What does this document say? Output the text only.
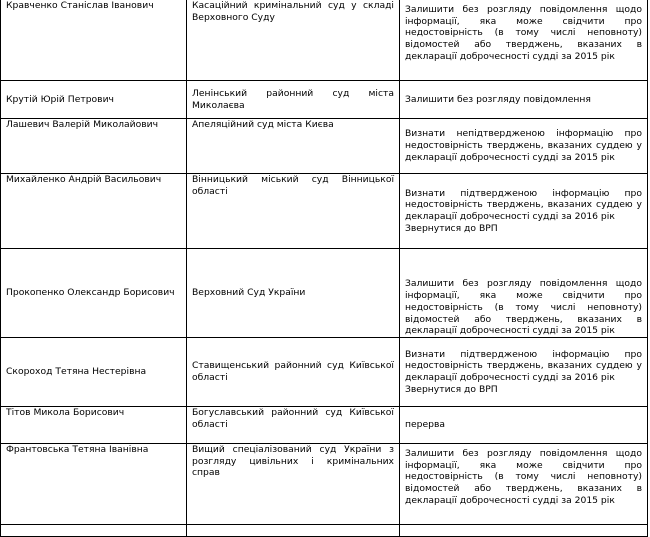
Кравченко Станіслав Іванович	Касаційний кримінальний суд у складі Верховного Суду	Залишити без розгляду повідомлення щодо інформації, яка може свідчити про недостовірність (в тому числі неповноту) відомостей або тверджень, вказаних в декларації доброчесності судді за 2015 рік

Крутій Юрій Петрович	Ленінський районний суд міста Миколаєва	Залишити без розгляду повідомлення

Лашевич Валерій Миколайович	Апеляційний суд міста Києва	Визнати непідтвердженою інформацію про недостовірність тверджень, вказаних суддею у декларації доброчесності судді за 2015 рік

Михайленко Андрій Васильович	Вінницький міський суд Вінницької області	Визнати підтвердженою інформацію про недостовірність тверджень, вказаних суддею у декларації доброчесності судді за 2016 рік
Звернутися до ВРП

Прокопенко Олександр Борисович	Верховний Суд України	Залишити без розгляду повідомлення щодо інформації, яка може свідчити про недостовірність (в тому числі неповноту) відомостей або тверджень, вказаних в декларації доброчесності судді за 2015 рік

Скороход Тетяна Нестерівна	Ставищенський районний суд Київської області	Визнати підтвердженою інформацію про недостовірність тверджень, вказаних суддею у декларації доброчесності судді за 2016 рік
Звернутися до ВРП

Тітов Микола Борисович	Богуславський районний суд Київської області	перерва

Франтовська Тетяна Іванівна	Вищий спеціалізований суд України з розгляду цивільних і кримінальних справ	Залишити без розгляду повідомлення щодо інформації, яка може свідчити про недостовірність (в тому числі неповноту) відомостей або тверджень, вказаних в декларації доброчесності судді за 2015 рік
